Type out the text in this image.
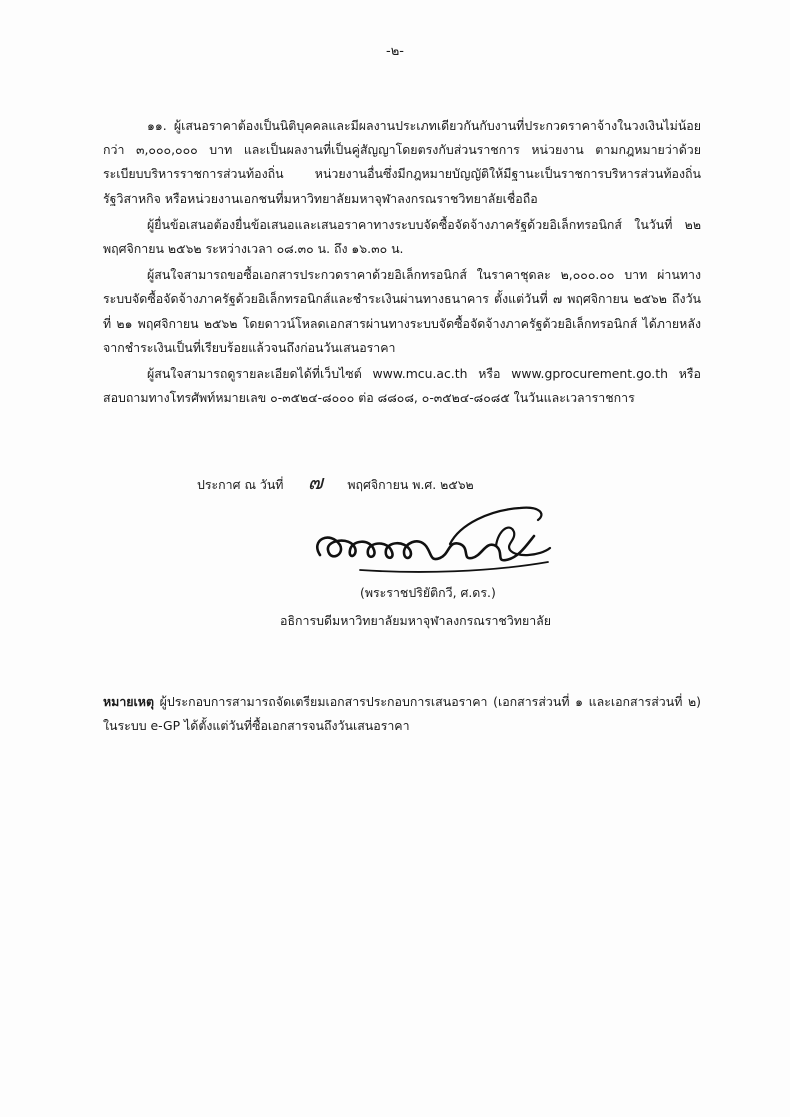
-๒-

๑๑. ผู้เสนอราคาต้องเป็นนิติบุคคลและมีผลงานประเภทเดียวกันกับงานที่ประกวดราคาจ้างในวงเงินไม่น้อยกว่า ๓,๐๐๐,๐๐๐ บาท และเป็นผลงานที่เป็นคู่สัญญาโดยตรงกับส่วนราชการ หน่วยงาน ตามกฎหมายว่าด้วยระเบียบบริหารราชการส่วนท้องถิ่น หน่วยงานอื่นซึ่งมีกฎหมายบัญญัติให้มีฐานะเป็นราชการบริหารส่วนท้องถิ่น รัฐวิสาหกิจ หรือหน่วยงานเอกชนที่มหาวิทยาลัยมหาจุฬาลงกรณราชวิทยาลัยเชื่อถือ

ผู้ยื่นข้อเสนอต้องยื่นข้อเสนอและเสนอราคาทางระบบจัดซื้อจัดจ้างภาครัฐด้วยอิเล็กทรอนิกส์ ในวันที่ ๒๒ พฤศจิกายน ๒๕๖๒ ระหว่างเวลา ๐๘.๓๐ น. ถึง ๑๖.๓๐ น.

ผู้สนใจสามารถขอซื้อเอกสารประกวดราคาด้วยอิเล็กทรอนิกส์ ในราคาชุดละ ๒,๐๐๐.๐๐ บาท ผ่านทางระบบจัดซื้อจัดจ้างภาครัฐด้วยอิเล็กทรอนิกส์และชำระเงินผ่านทางธนาคาร ตั้งแต่วันที่ ๗ พฤศจิกายน ๒๕๖๒ ถึงวันที่ ๒๑ พฤศจิกายน ๒๕๖๒ โดยดาวน์โหลดเอกสารผ่านทางระบบจัดซื้อจัดจ้างภาครัฐด้วยอิเล็กทรอนิกส์ ได้ภายหลังจากชำระเงินเป็นที่เรียบร้อยแล้วจนถึงก่อนวันเสนอราคา

ผู้สนใจสามารถดูรายละเอียดได้ที่เว็บไซต์ www.mcu.ac.th หรือ www.gprocurement.go.th หรือสอบถามทางโทรศัพท์หมายเลข ๐-๓๕๒๔-๘๐๐๐ ต่อ ๘๘๐๘, ๐-๓๕๒๔-๘๐๘๕ ในวันและเวลาราชการ

ประกาศ ณ วันที่ ๗ พฤศจิกายน พ.ศ. ๒๕๖๒
(พระราชปริยัติกวี, ศ.ดร.)
อธิการบดีมหาวิทยาลัยมหาจุฬาลงกรณราชวิทยาลัย
หมายเหตุ ผู้ประกอบการสามารถจัดเตรียมเอกสารประกอบการเสนอราคา (เอกสารส่วนที่ ๑ และเอกสารส่วนที่ ๒) ในระบบ e-GP ได้ตั้งแต่วันที่ซื้อเอกสารจนถึงวันเสนอราคา
